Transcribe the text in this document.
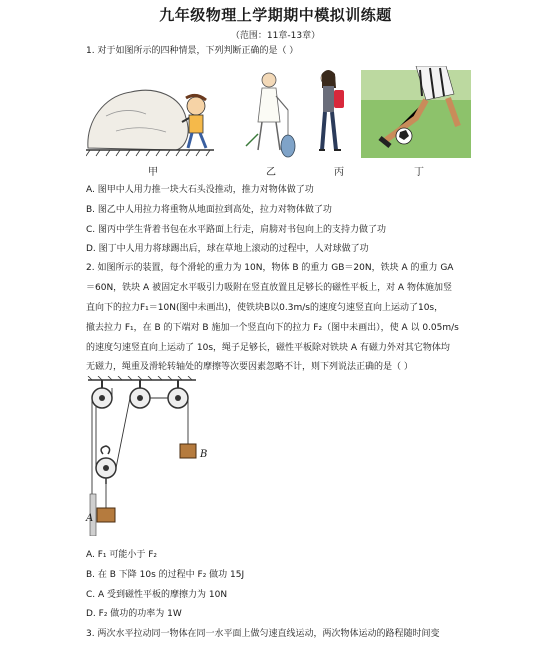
九年级物理上学期期中模拟训练题
（范围：11章-13章）
1. 对于如图所示的四种情景，下列判断正确的是（ ）
甲	乙	丙	丁
A. 图甲中人用力推一块大石头没推动，推力对物体做了功
B. 图乙中人用拉力将重物从地面拉到高处，拉力对物体做了功
C. 图丙中学生背着书包在水平路面上行走，肩膀对书包向上的支持力做了功
D. 图丁中人用力将球踢出后，球在草地上滚动的过程中，人对球做了功
2. 如图所示的装置，每个滑轮的重力为 10N，物体 B 的重力 GB＝20N，铁块 A 的重力 GA
＝60N，铁块 A 被固定水平吸引力吸附在竖直放置且足够长的磁性平板上，对 A 物体施加竖
直向下的拉力F₁＝10N(图中未画出)，使铁块B以0.3m/s的速度匀速竖直向上运动了10s，
撤去拉力 F₁，在 B 的下端对 B 施加一个竖直向下的拉力 F₂（图中未画出），使 A 以 0.05m/s
的速度匀速竖直向上运动了 10s，绳子足够长，磁性平板除对铁块 A 有磁力外对其它物体均
无磁力，绳重及滑轮转轴处的摩擦等次要因素忽略不计，则下列说法正确的是（ ）
A
B
A. F₁ 可能小于 F₂
B. 在 B 下降 10s 的过程中 F₂ 做功 15J
C. A 受到磁性平板的摩擦力为 10N
D. F₂ 做功的功率为 1W
3. 两次水平拉动同一物体在同一水平面上做匀速直线运动，两次物体运动的路程随时间变
